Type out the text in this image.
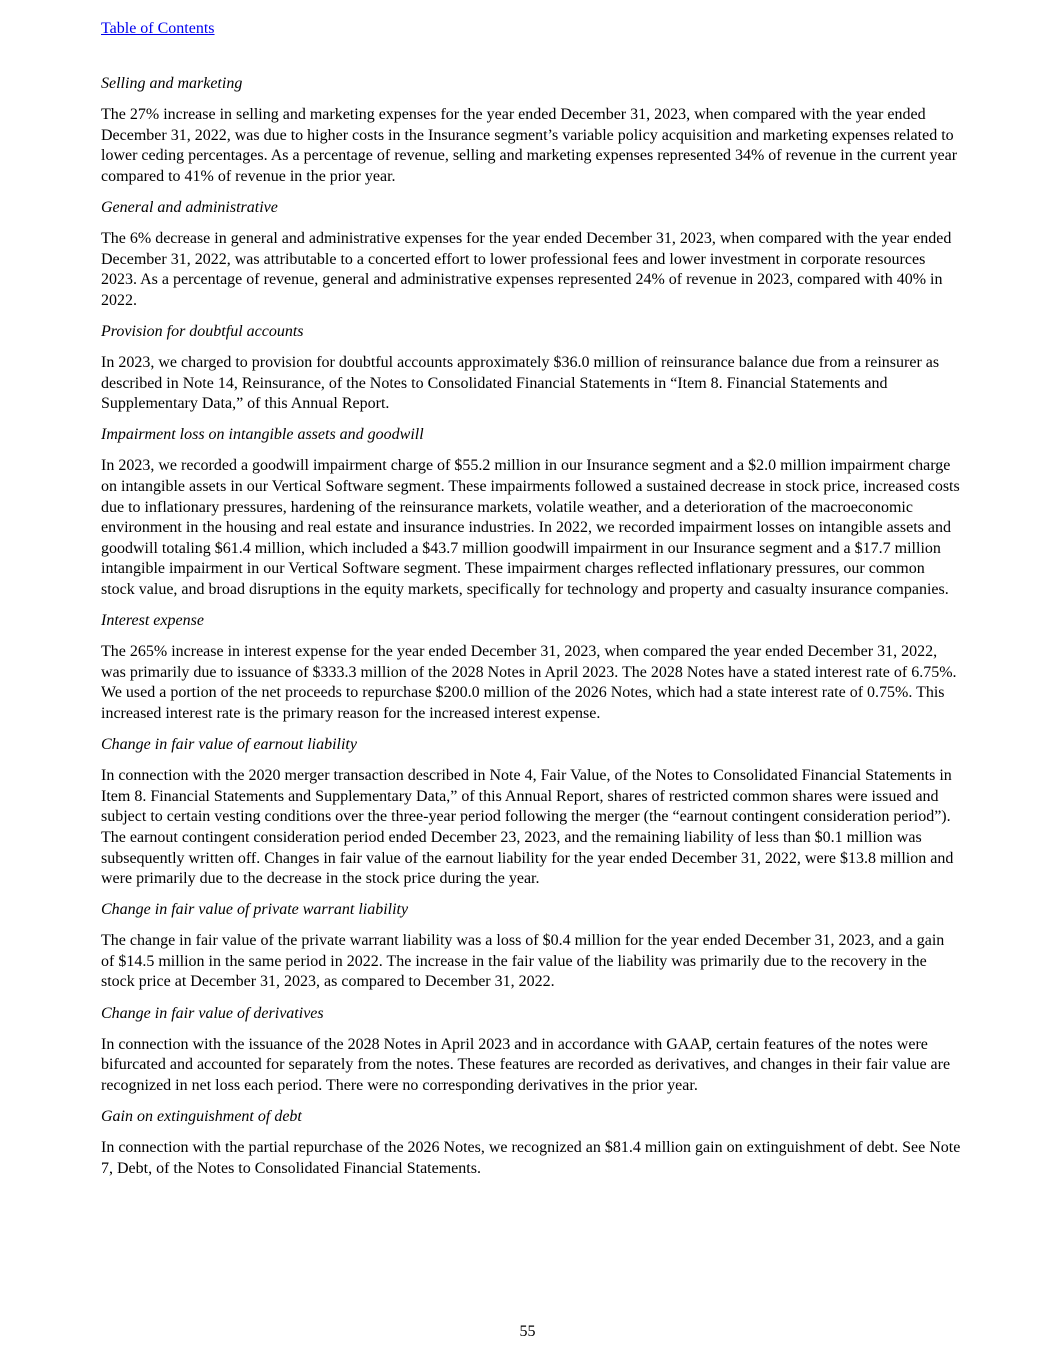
Table of Contents
Selling and marketing
The 27% increase in selling and marketing expenses for the year ended December 31, 2023, when compared with the year ended December 31, 2022, was due to higher costs in the Insurance segment’s variable policy acquisition and marketing expenses related to lower ceding percentages. As a percentage of revenue, selling and marketing expenses represented 34% of revenue in the current year compared to 41% of revenue in the prior year.
General and administrative
The 6% decrease in general and administrative expenses for the year ended December 31, 2023, when compared with the year ended December 31, 2022, was attributable to a concerted effort to lower professional fees and lower investment in corporate resources 2023. As a percentage of revenue, general and administrative expenses represented 24% of revenue in 2023, compared with 40% in 2022.
Provision for doubtful accounts
In 2023, we charged to provision for doubtful accounts approximately $36.0 million of reinsurance balance due from a reinsurer as described in Note 14, Reinsurance, of the Notes to Consolidated Financial Statements in “Item 8. Financial Statements and Supplementary Data,” of this Annual Report.
Impairment loss on intangible assets and goodwill
In 2023, we recorded a goodwill impairment charge of $55.2 million in our Insurance segment and a $2.0 million impairment charge on intangible assets in our Vertical Software segment. These impairments followed a sustained decrease in stock price, increased costs due to inflationary pressures, hardening of the reinsurance markets, volatile weather, and a deterioration of the macroeconomic environment in the housing and real estate and insurance industries. In 2022, we recorded impairment losses on intangible assets and goodwill totaling $61.4 million, which included a $43.7 million goodwill impairment in our Insurance segment and a $17.7 million intangible impairment in our Vertical Software segment. These impairment charges reflected inflationary pressures, our common stock value, and broad disruptions in the equity markets, specifically for technology and property and casualty insurance companies.
Interest expense
The 265% increase in interest expense for the year ended December 31, 2023, when compared the year ended December 31, 2022, was primarily due to issuance of $333.3 million of the 2028 Notes in April 2023. The 2028 Notes have a stated interest rate of 6.75%. We used a portion of the net proceeds to repurchase $200.0 million of the 2026 Notes, which had a state interest rate of 0.75%. This increased interest rate is the primary reason for the increased interest expense.
Change in fair value of earnout liability
In connection with the 2020 merger transaction described in Note 4, Fair Value, of the Notes to Consolidated Financial Statements in Item 8. Financial Statements and Supplementary Data,” of this Annual Report, shares of restricted common shares were issued and subject to certain vesting conditions over the three-year period following the merger (the “earnout contingent consideration period”). The earnout contingent consideration period ended December 23, 2023, and the remaining liability of less than $0.1 million was subsequently written off. Changes in fair value of the earnout liability for the year ended December 31, 2022, were $13.8 million and were primarily due to the decrease in the stock price during the year.
Change in fair value of private warrant liability
The change in fair value of the private warrant liability was a loss of $0.4 million for the year ended December 31, 2023, and a gain of $14.5 million in the same period in 2022. The increase in the fair value of the liability was primarily due to the recovery in the stock price at December 31, 2023, as compared to December 31, 2022.
Change in fair value of derivatives
In connection with the issuance of the 2028 Notes in April 2023 and in accordance with GAAP, certain features of the notes were bifurcated and accounted for separately from the notes. These features are recorded as derivatives, and changes in their fair value are recognized in net loss each period. There were no corresponding derivatives in the prior year.
Gain on extinguishment of debt
In connection with the partial repurchase of the 2026 Notes, we recognized an $81.4 million gain on extinguishment of debt. See Note 7, Debt, of the Notes to Consolidated Financial Statements.
55
